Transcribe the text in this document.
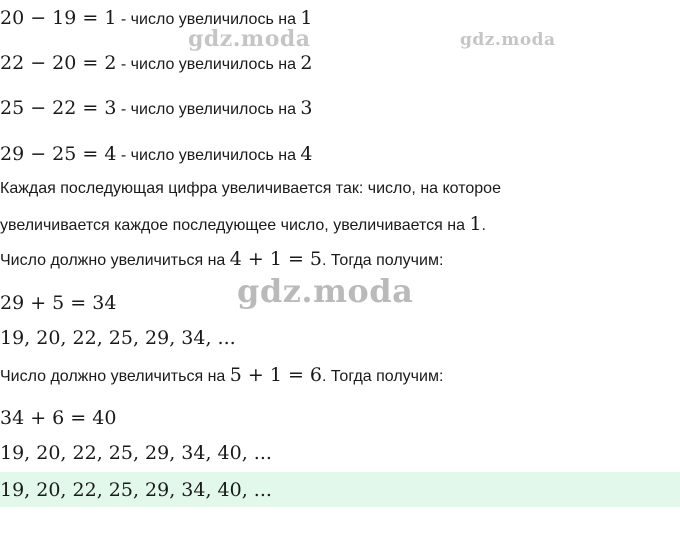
gdz.moda	gdz.moda
gdz.moda
20 − 19 = 1 - число увеличилось на 1
22 − 20 = 2 - число увеличилось на 2
25 − 22 = 3 - число увеличилось на 3
29 − 25 = 4 - число увеличилось на 4
Каждая последующая цифра увеличивается так: число, на которое
увеличивается каждое последующее число, увеличивается на 1.
Число должно увеличиться на 4 + 1 = 5. Тогда получим:
29 + 5 = 34
19, 20, 22, 25, 29, 34, ...
Число должно увеличиться на 5 + 1 = 6. Тогда получим:
34 + 6 = 40
19, 20, 22, 25, 29, 34, 40, ...
19, 20, 22, 25, 29, 34, 40, ...
